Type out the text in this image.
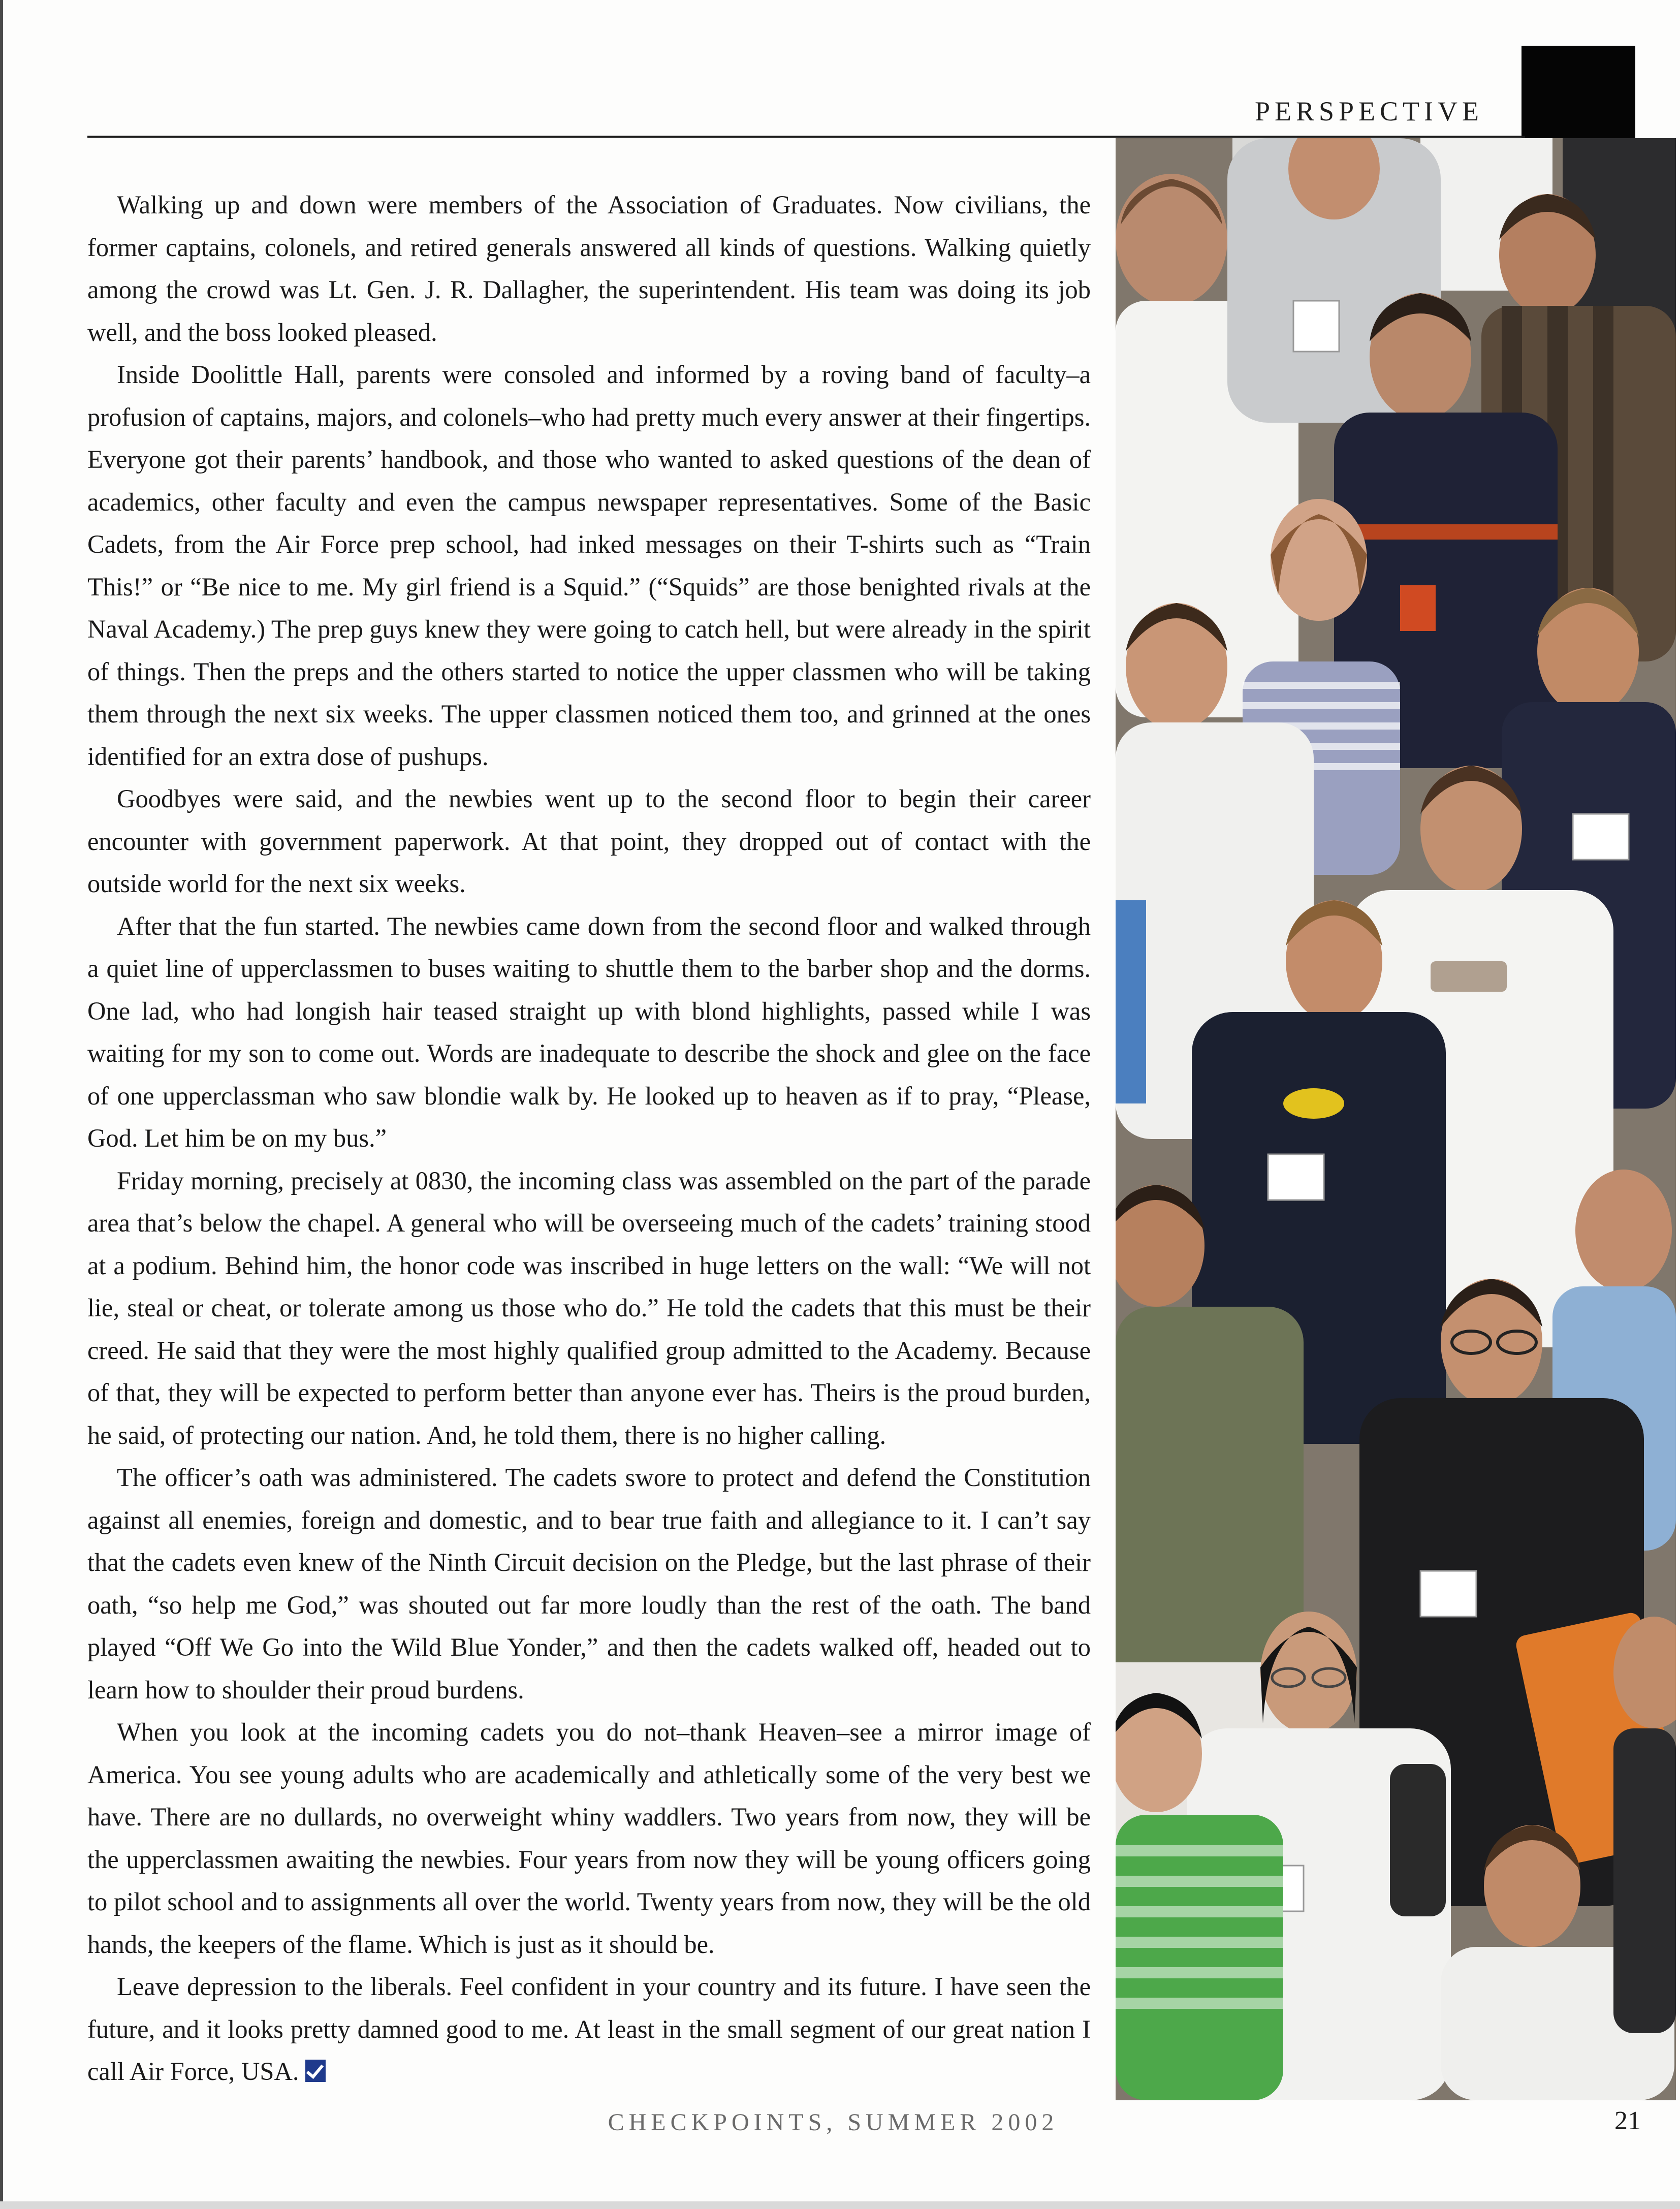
PERSPECTIVE

Walking up and down were members of the Association of Graduates. Now civilians, the former captains, colonels, and retired generals answered all kinds of questions. Walking quietly among the crowd was Lt. Gen. J. R. Dallagher, the superintendent. His team was doing its job well, and the boss looked pleased.

Inside Doolittle Hall, parents were consoled and informed by a roving band of faculty–a profusion of captains, majors, and colonels–who had pretty much every answer at their fingertips. Everyone got their parents’ handbook, and those who wanted to asked questions of the dean of academics, other faculty and even the campus newspaper representatives. Some of the Basic Cadets, from the Air Force prep school, had inked messages on their T-shirts such as “Train This!” or “Be nice to me. My girl friend is a Squid.” (“Squids” are those benighted rivals at the Naval Academy.) The prep guys knew they were going to catch hell, but were already in the spirit of things. Then the preps and the others started to notice the upper classmen who will be taking them through the next six weeks. The upper classmen noticed them too, and grinned at the ones identified for an extra dose of pushups.

Goodbyes were said, and the newbies went up to the second floor to begin their career encounter with government paperwork. At that point, they dropped out of contact with the outside world for the next six weeks.

After that the fun started. The newbies came down from the second floor and walked through a quiet line of upperclassmen to buses waiting to shuttle them to the barber shop and the dorms. One lad, who had longish hair teased straight up with blond highlights, passed while I was waiting for my son to come out. Words are inadequate to describe the shock and glee on the face of one upperclassman who saw blondie walk by. He looked up to heaven as if to pray, “Please, God. Let him be on my bus.”

Friday morning, precisely at 0830, the incoming class was assembled on the part of the parade area that’s below the chapel. A general who will be overseeing much of the cadets’ training stood at a podium. Behind him, the honor code was inscribed in huge letters on the wall: “We will not lie, steal or cheat, or tolerate among us those who do.” He told the cadets that this must be their creed. He said that they were the most highly qualified group admitted to the Academy. Because of that, they will be expected to perform better than anyone ever has. Theirs is the proud burden, he said, of protecting our nation. And, he told them, there is no higher calling.

The officer’s oath was administered. The cadets swore to protect and defend the Constitution against all enemies, foreign and domestic, and to bear true faith and allegiance to it. I can’t say that the cadets even knew of the Ninth Circuit decision on the Pledge, but the last phrase of their oath, “so help me God,” was shouted out far more loudly than the rest of the oath. The band played “Off We Go into the Wild Blue Yonder,” and then the cadets walked off, headed out to learn how to shoulder their proud burdens.

When you look at the incoming cadets you do not–thank Heaven–see a mirror image of America. You see young adults who are academically and athletically some of the very best we have. There are no dullards, no overweight whiny waddlers. Two years from now, they will be the upperclassmen awaiting the newbies. Four years from now they will be young officers going to pilot school and to assignments all over the world. Twenty years from now, they will be the old hands, the keepers of the flame. Which is just as it should be.

Leave depression to the liberals. Feel confident in your country and its future. I have seen the future, and it looks pretty damned good to me. At least in the small segment of our great nation I call Air Force, USA.

CHECKPOINTS, SUMMER 2002	21
